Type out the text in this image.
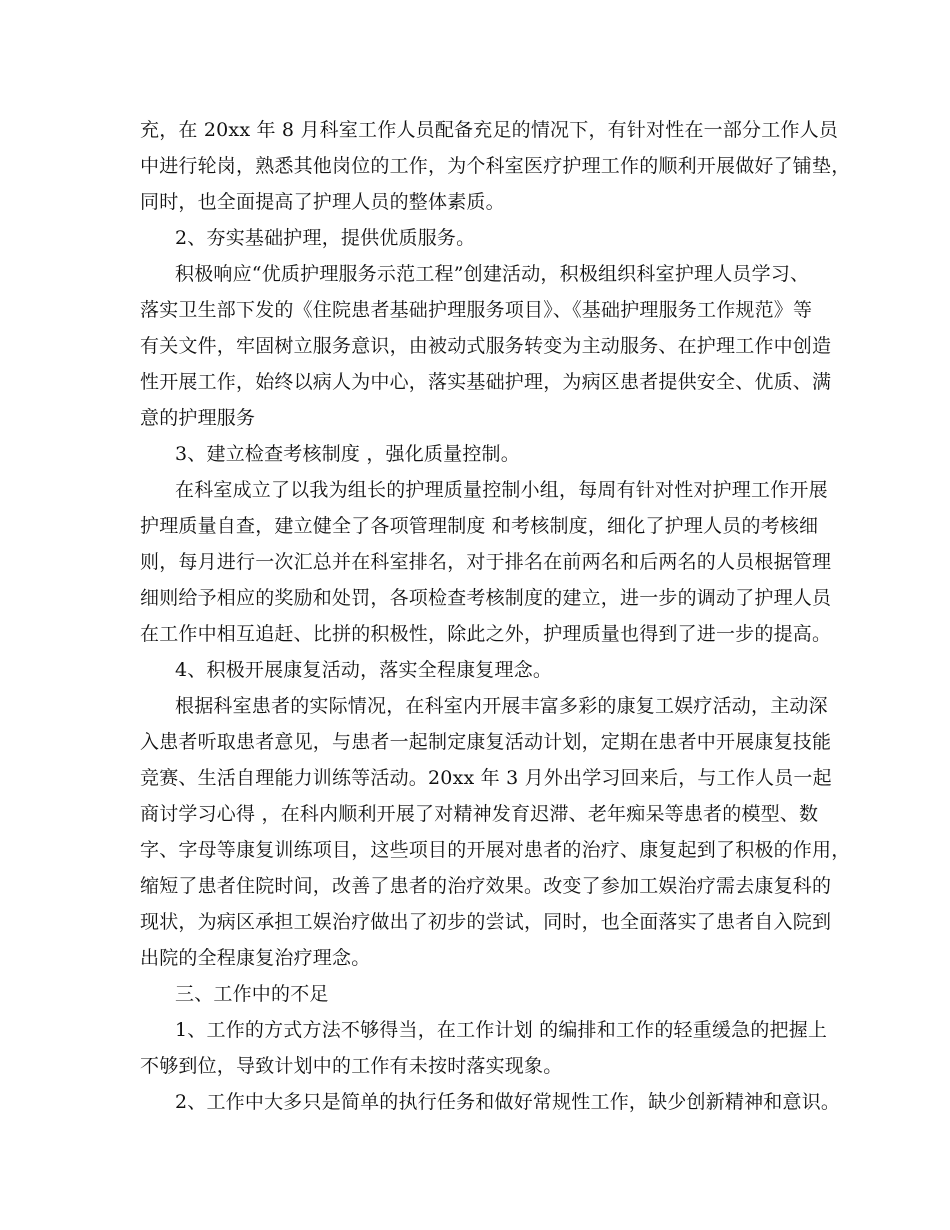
充，在 20xx 年 8 月科室工作人员配备充足的情况下，有针对性在一部分工作人员
中进行轮岗，熟悉其他岗位的工作，为个科室医疗护理工作的顺利开展做好了铺垫，
同时，也全面提高了护理人员的整体素质。
2、夯实基础护理，提供优质服务。
积极响应“优质护理服务示范工程”创建活动，积极组织科室护理人员学习、
落实卫生部下发的《住院患者基础护理服务项目》、《基础护理服务工作规范》等
有关文件，牢固树立服务意识，由被动式服务转变为主动服务、在护理工作中创造
性开展工作，始终以病人为中心，落实基础护理，为病区患者提供安全、优质、满
意的护理服务
3、建立检查考核制度 ，强化质量控制。
在科室成立了以我为组长的护理质量控制小组，每周有针对性对护理工作开展
护理质量自查，建立健全了各项管理制度 和考核制度，细化了护理人员的考核细
则，每月进行一次汇总并在科室排名，对于排名在前两名和后两名的人员根据管理
细则给予相应的奖励和处罚，各项检查考核制度的建立，进一步的调动了护理人员
在工作中相互追赶、比拼的积极性，除此之外，护理质量也得到了进一步的提高。
4、积极开展康复活动，落实全程康复理念。
根据科室患者的实际情况，在科室内开展丰富多彩的康复工娱疗活动，主动深
入患者听取患者意见，与患者一起制定康复活动计划，定期在患者中开展康复技能
竞赛、生活自理能力训练等活动。20xx 年 3 月外出学习回来后，与工作人员一起
商讨学习心得 ，在科内顺利开展了对精神发育迟滞、老年痴呆等患者的模型、数
字、字母等康复训练项目，这些项目的开展对患者的治疗、康复起到了积极的作用，
缩短了患者住院时间，改善了患者的治疗效果。改变了参加工娱治疗需去康复科的
现状，为病区承担工娱治疗做出了初步的尝试，同时，也全面落实了患者自入院到
出院的全程康复治疗理念。
三、工作中的不足
1、工作的方式方法不够得当，在工作计划 的编排和工作的轻重缓急的把握上
不够到位，导致计划中的工作有未按时落实现象。
2、工作中大多只是简单的执行任务和做好常规性工作，缺少创新精神和意识。
